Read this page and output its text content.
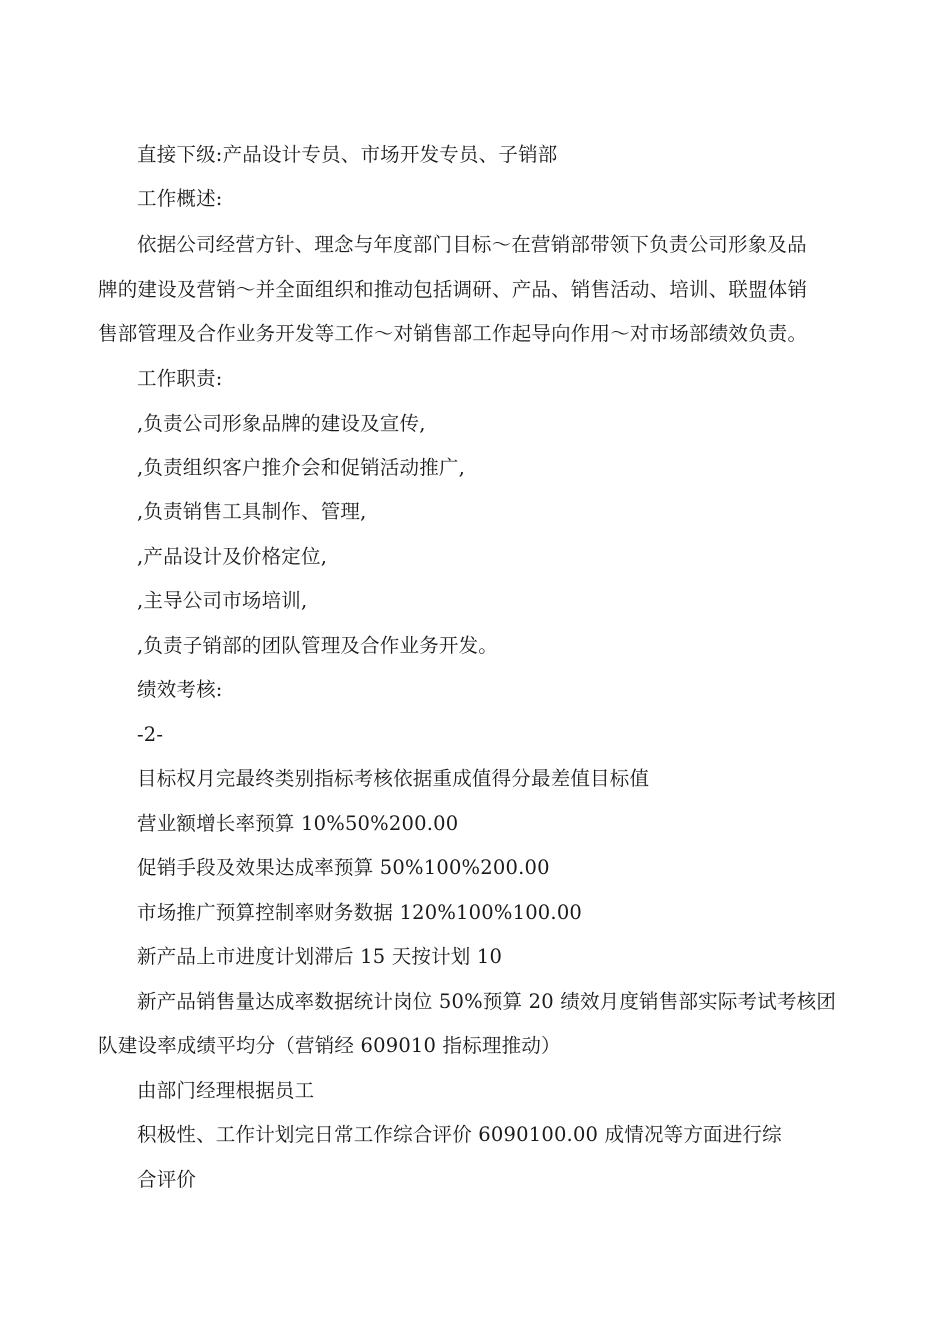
直接下级:产品设计专员、市场开发专员、子销部
工作概述:
依据公司经营方针、理念与年度部门目标〜在营销部带领下负责公司形象及品
牌的建设及营销〜并全面组织和推动包括调研、产品、销售活动、培训、联盟体销
售部管理及合作业务开发等工作〜对销售部工作起导向作用〜对市场部绩效负责。
工作职责:
,负责公司形象品牌的建设及宣传,
,负责组织客户推介会和促销活动推广,
,负责销售工具制作、管理,
,产品设计及价格定位,
,主导公司市场培训,
,负责子销部的团队管理及合作业务开发。
绩效考核:
-2-
目标权月完最终类别指标考核依据重成值得分最差值目标值
营业额增长率预算 10%50%200.00
促销手段及效果达成率预算 50%100%200.00
市场推广预算控制率财务数据 120%100%100.00
新产品上市进度计划滞后 15 天按计划 10
新产品销售量达成率数据统计岗位 50%预算 20 绩效月度销售部实际考试考核团
队建设率成绩平均分（营销经 609010 指标理推动）
由部门经理根据员工
积极性、工作计划完日常工作综合评价 6090100.00 成情况等方面进行综
合评价
